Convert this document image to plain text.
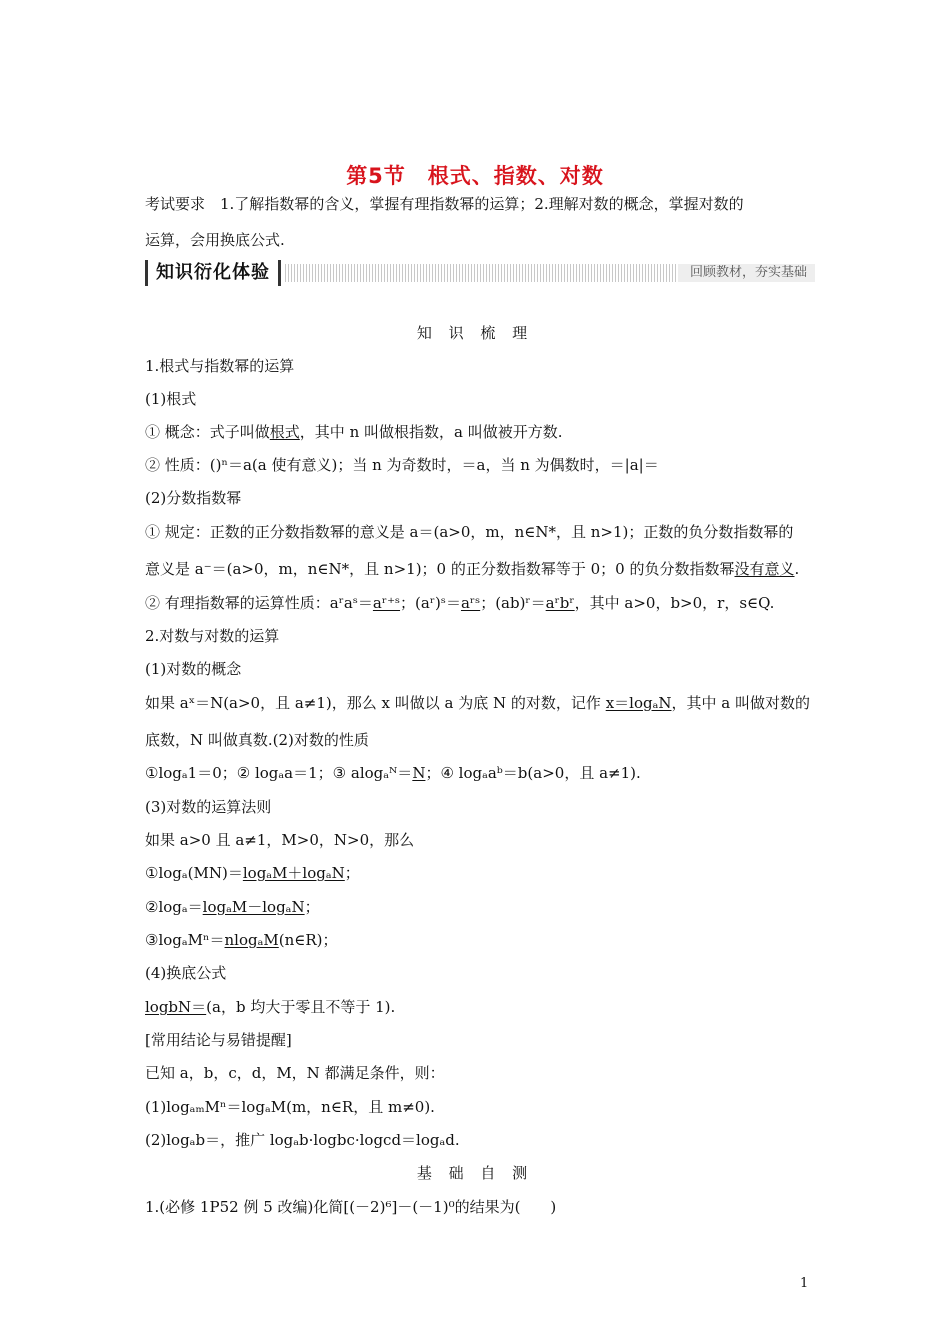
第5节　根式、指数、对数
考试要求　1.了解指数幂的含义，掌握有理指数幂的运算；2.理解对数的概念，掌握对数的
运算，会用换底公式.
知识衍化体验	回顾教材，夯实基础
知 识 梳 理
1.根式与指数幂的运算
(1)根式
① 概念：式子叫做根式，其中 n 叫做根指数，a 叫做被开方数.
② 性质：()ⁿ＝a(a 使有意义)；当 n 为奇数时，＝a，当 n 为偶数时，＝|a|＝
(2)分数指数幂
① 规定：正数的正分数指数幂的意义是 a＝(a>0，m，n∈N*，且 n>1)；正数的负分数指数幂的
意义是 a⁻＝(a>0，m，n∈N*，且 n>1)；0 的正分数指数幂等于 0；0 的负分数指数幂没有意义.
② 有理指数幂的运算性质：aʳaˢ＝aʳ⁺ˢ；(aʳ)ˢ＝aʳˢ；(ab)ʳ＝aʳbʳ，其中 a>0，b>0，r，s∈Q.
2.对数与对数的运算
(1)对数的概念
如果 aˣ＝N(a>0，且 a≠1)，那么 x 叫做以 a 为底 N 的对数，记作 x＝logₐN，其中 a 叫做对数的
底数，N 叫做真数.(2)对数的性质
①logₐ1＝0；② logₐa＝1；③ alogₐᴺ＝N；④ logₐaᵇ＝b(a>0，且 a≠1).
(3)对数的运算法则
如果 a>0 且 a≠1，M>0，N>0，那么
①logₐ(MN)＝logₐM＋logₐN；
②logₐ＝logₐM－logₐN；
③logₐMⁿ＝nlogₐM(n∈R)；
(4)换底公式
logbN＝(a，b 均大于零且不等于 1).
[常用结论与易错提醒]
已知 a，b，c，d，M，N 都满足条件，则：
(1)logₐₘMⁿ＝logₐM(m，n∈R，且 m≠0).
(2)logₐb＝，推广 logₐb·logbc·logcd＝logₐd.
基 础 自 测
1.(必修 1P52 例 5 改编)化简[(－2)⁶]－(－1)⁰的结果为(　　)
1
